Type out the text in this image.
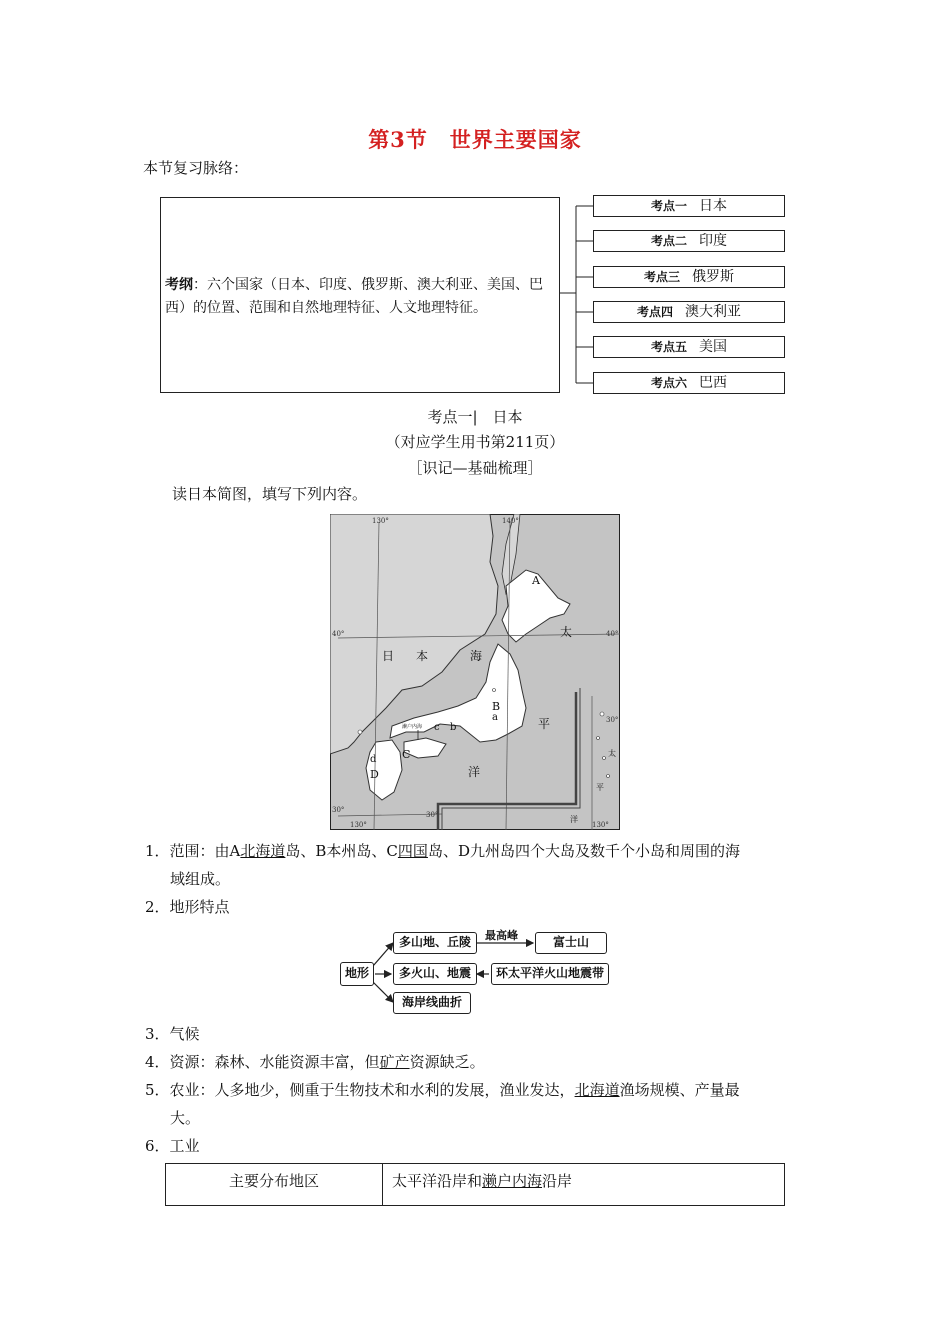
第3节　世界主要国家
本节复习脉络：
考纲：六个国家（日本、印度、俄罗斯、澳大利亚、美国、巴西）的位置、范围和自然地理特征、人文地理特征。
考点一 日本
考点二 印度
考点三 俄罗斯
考点四 澳大利亚
考点五 美国
考点六 巴西
考点一|　日本
（对应学生用书第211页）
［识记—基础梳理］
读日本简图，填写下列内容。
130°	140°
40°	40°
30°
30°
30°
130°	130°
日 本	海
太
平
洋
A
B
a
b
c
C
d
D
濑户内海
太
平
洋
1．范围：由A北海道岛、B本州岛、C四国岛、D九州岛四个大岛及数千个小岛和周围的海
域组成。
2．地形特点
地形
多山地、丘陵	最高峰	富士山
多火山、地震	环太平洋火山地震带
海岸线曲折
3．气候
4．资源：森林、水能资源丰富，但矿产资源缺乏。
5．农业：人多地少，侧重于生物技术和水利的发展，渔业发达，北海道渔场规模、产量最
大。
6．工业
主要分布地区	太平洋沿岸和濑户内海沿岸
